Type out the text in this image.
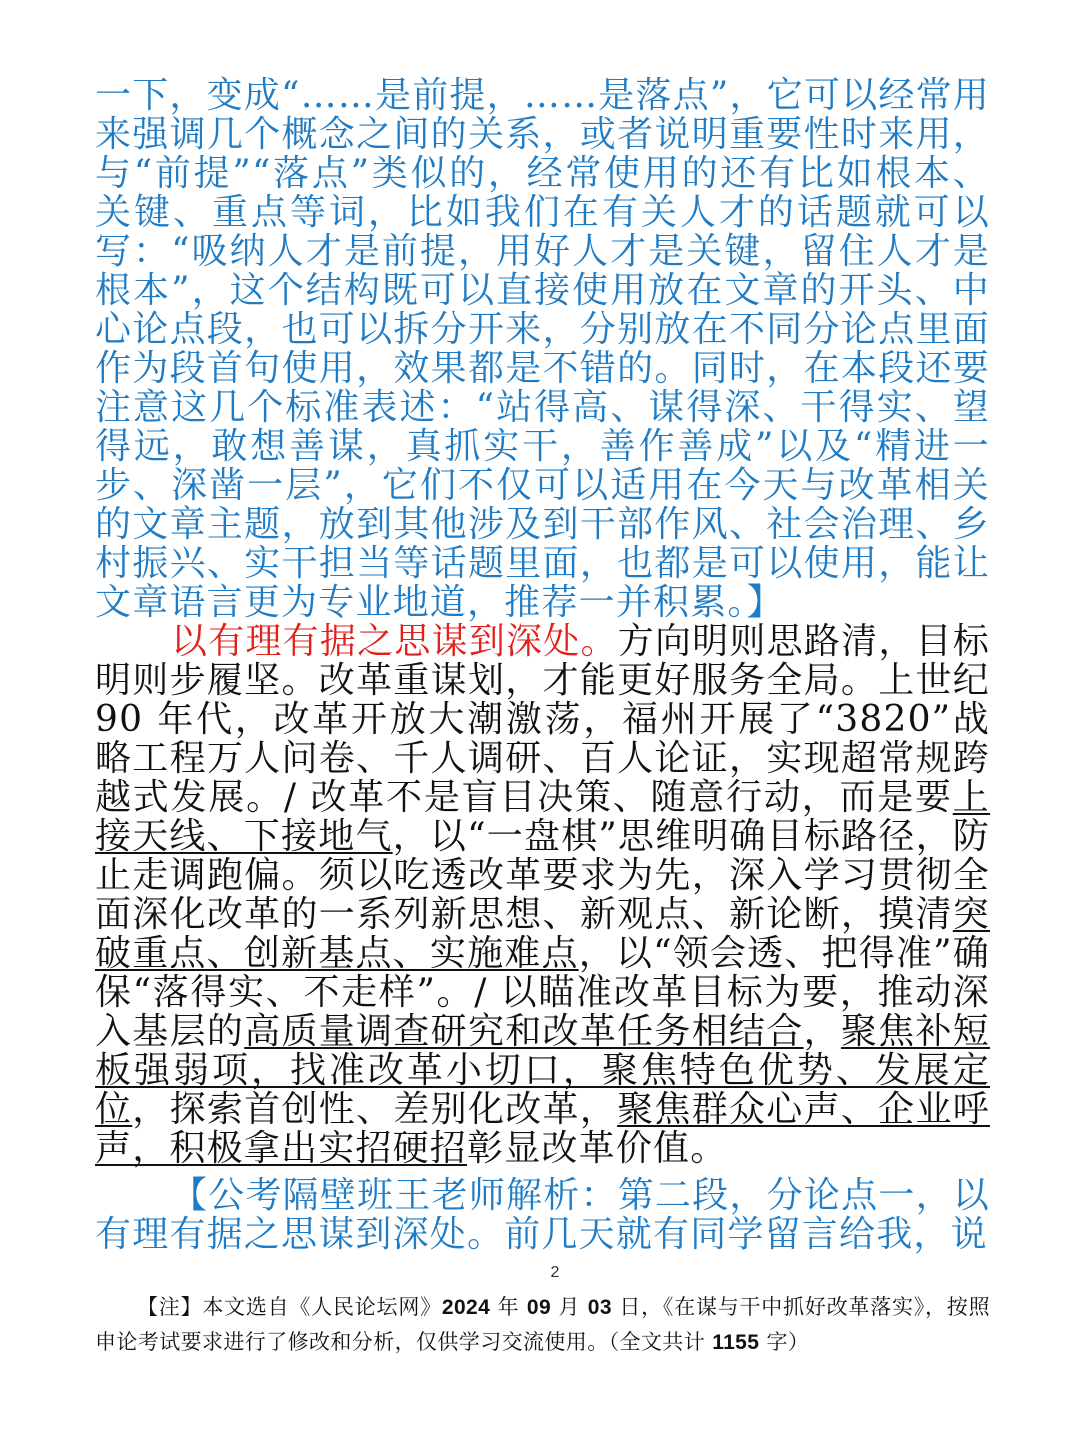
一下，变成“……是前提，……是落点”，它可以经常用来强调几个概念之间的关系，或者说明重要性时来用，与“前提”“落点”类似的，经常使用的还有比如根本、关键、重点等词，比如我们在有关人才的话题就可以写：“吸纳人才是前提，用好人才是关键，留住人才是根本”，这个结构既可以直接使用放在文章的开头、中心论点段，也可以拆分开来，分别放在不同分论点里面作为段首句使用，效果都是不错的。同时，在本段还要注意这几个标准表述：“站得高、谋得深、干得实、望得远，敢想善谋，真抓实干，善作善成”以及“精进一步、深凿一层”，它们不仅可以适用在今天与改革相关的文章主题，放到其他涉及到干部作风、社会治理、乡村振兴、实干担当等话题里面，也都是可以使用，能让文章语言更为专业地道，推荐一并积累。】

以有理有据之思谋到深处。方向明则思路清，目标明则步履坚。改革重谋划，才能更好服务全局。上世纪 90 年代，改革开放大潮激荡，福州开展了“3820”战略工程万人问卷、千人调研、百人论证，实现超常规跨越式发展。/ 改革不是盲目决策、随意行动，而是要上接天线、下接地气，以“一盘棋”思维明确目标路径，防止走调跑偏。须以吃透改革要求为先，深入学习贯彻全面深化改革的一系列新思想、新观点、新论断，摸清突破重点、创新基点、实施难点，以“领会透、把得准”确保“落得实、不走样”。/ 以瞄准改革目标为要，推动深入基层的高质量调查研究和改革任务相结合，聚焦补短板强弱项，找准改革小切口，聚焦特色优势、发展定位，探索首创性、差别化改革，聚焦群众心声、企业呼声，积极拿出实招硬招彰显改革价值。

【公考隔壁班王老师解析：第二段，分论点一，以有理有据之思谋到深处。前几天就有同学留言给我，说

2

【注】本文选自《人民论坛网》2024 年 09 月 03 日，《在谋与干中抓好改革落实》，按照申论考试要求进行了修改和分析，仅供学习交流使用。（全文共计 1155 字）
